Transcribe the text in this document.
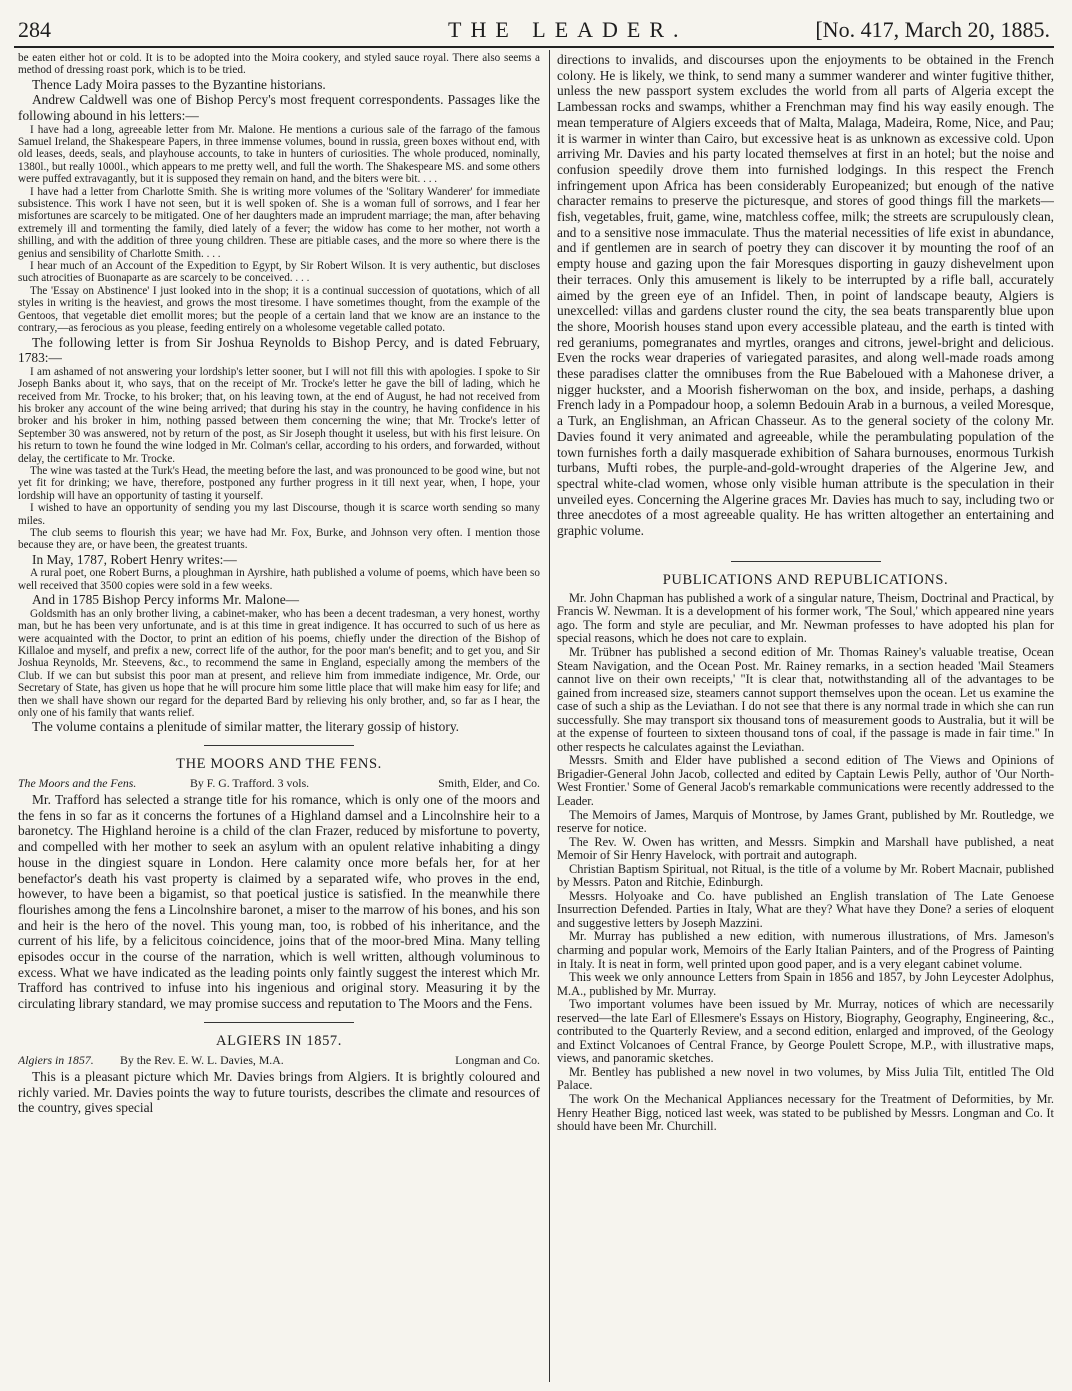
284	THE LEADER.	[No. 417, March 20, 1885.

be eaten either hot or cold. It is to be adopted into the Moira cookery, and styled sauce royal. There also seems a method of dressing roast pork, which is to be tried.

Thence Lady Moira passes to the Byzantine historians.

Andrew Caldwell was one of Bishop Percy's most frequent correspondents. Passages like the following abound in his letters:—

I have had a long, agreeable letter from Mr. Malone. He mentions a curious sale of the farrago of the famous Samuel Ireland, the Shakespeare Papers, in three immense volumes, bound in russia, green boxes without end, with old leases, deeds, seals, and playhouse accounts, to take in hunters of curiosities. The whole produced, nominally, 1380l., but really 1000l., which appears to me pretty well, and full the worth. The Shakespeare MS. and some others were puffed extravagantly, but it is supposed they remain on hand, and the biters were bit. . . .

I have had a letter from Charlotte Smith. She is writing more volumes of the 'Solitary Wanderer' for immediate subsistence. This work I have not seen, but it is well spoken of. She is a woman full of sorrows, and I fear her misfortunes are scarcely to be mitigated. One of her daughters made an imprudent marriage; the man, after behaving extremely ill and tormenting the family, died lately of a fever; the widow has come to her mother, not worth a shilling, and with the addition of three young children. These are pitiable cases, and the more so where there is the genius and sensibility of Charlotte Smith. . . .

I hear much of an Account of the Expedition to Egypt, by Sir Robert Wilson. It is very authentic, but discloses such atrocities of Buonaparte as are scarcely to be conceived. . . .

The 'Essay on Abstinence' I just looked into in the shop; it is a continual succession of quotations, which of all styles in writing is the heaviest, and grows the most tiresome. I have sometimes thought, from the example of the Gentoos, that vegetable diet emollit mores; but the people of a certain land that we know are an instance to the contrary,—as ferocious as you please, feeding entirely on a wholesome vegetable called potato.

The following letter is from Sir Joshua Reynolds to Bishop Percy, and is dated February, 1783:—

I am ashamed of not answering your lordship's letter sooner, but I will not fill this with apologies. I spoke to Sir Joseph Banks about it, who says, that on the receipt of Mr. Trocke's letter he gave the bill of lading, which he received from Mr. Trocke, to his broker; that, on his leaving town, at the end of August, he had not received from his broker any account of the wine being arrived; that during his stay in the country, he having confidence in his broker and his broker in him, nothing passed between them concerning the wine; that Mr. Trocke's letter of September 30 was answered, not by return of the post, as Sir Joseph thought it useless, but with his first leisure. On his return to town he found the wine lodged in Mr. Colman's cellar, according to his orders, and forwarded, without delay, the certificate to Mr. Trocke.

The wine was tasted at the Turk's Head, the meeting before the last, and was pronounced to be good wine, but not yet fit for drinking; we have, therefore, postponed any further progress in it till next year, when, I hope, your lordship will have an opportunity of tasting it yourself.

I wished to have an opportunity of sending you my last Discourse, though it is scarce worth sending so many miles.

The club seems to flourish this year; we have had Mr. Fox, Burke, and Johnson very often. I mention those because they are, or have been, the greatest truants.

In May, 1787, Robert Henry writes:—

A rural poet, one Robert Burns, a ploughman in Ayrshire, hath published a volume of poems, which have been so well received that 3500 copies were sold in a few weeks.

And in 1785 Bishop Percy informs Mr. Malone—

Goldsmith has an only brother living, a cabinet-maker, who has been a decent tradesman, a very honest, worthy man, but he has been very unfortunate, and is at this time in great indigence. It has occurred to such of us here as were acquainted with the Doctor, to print an edition of his poems, chiefly under the direction of the Bishop of Killaloe and myself, and prefix a new, correct life of the author, for the poor man's benefit; and to get you, and Sir Joshua Reynolds, Mr. Steevens, &c., to recommend the same in England, especially among the members of the Club. If we can but subsist this poor man at present, and relieve him from immediate indigence, Mr. Orde, our Secretary of State, has given us hope that he will procure him some little place that will make him easy for life; and then we shall have shown our regard for the departed Bard by relieving his only brother, and, so far as I hear, the only one of his family that wants relief.

The volume contains a plenitude of similar matter, the literary gossip of history.

THE MOORS AND THE FENS.
The Moors and the Fens.	By F. G. Trafford. 3 vols.	Smith, Elder, and Co.

Mr. Trafford has selected a strange title for his romance, which is only one of the moors and the fens in so far as it concerns the fortunes of a Highland damsel and a Lincolnshire heir to a baronetcy. The Highland heroine is a child of the clan Frazer, reduced by misfortune to poverty, and compelled with her mother to seek an asylum with an opulent relative inhabiting a dingy house in the dingiest square in London. Here calamity once more befals her, for at her benefactor's death his vast property is claimed by a separated wife, who proves in the end, however, to have been a bigamist, so that poetical justice is satisfied. In the meanwhile there flourishes among the fens a Lincolnshire baronet, a miser to the marrow of his bones, and his son and heir is the hero of the novel. This young man, too, is robbed of his inheritance, and the current of his life, by a felicitous coincidence, joins that of the moor-bred Mina. Many telling episodes occur in the course of the narration, which is well written, although voluminous to excess. What we have indicated as the leading points only faintly suggest the interest which Mr. Trafford has contrived to infuse into his ingenious and original story. Measuring it by the circulating library standard, we may promise success and reputation to The Moors and the Fens.

ALGIERS IN 1857.
Algiers in 1857. By the Rev. E. W. L. Davies, M.A.	Longman and Co.

This is a pleasant picture which Mr. Davies brings from Algiers. It is brightly coloured and richly varied. Mr. Davies points the way to future tourists, describes the climate and resources of the country, gives special

directions to invalids, and discourses upon the enjoyments to be obtained in the French colony. He is likely, we think, to send many a summer wanderer and winter fugitive thither, unless the new passport system excludes the world from all parts of Algeria except the Lambessan rocks and swamps, whither a Frenchman may find his way easily enough. The mean temperature of Algiers exceeds that of Malta, Malaga, Madeira, Rome, Nice, and Pau; it is warmer in winter than Cairo, but excessive heat is as unknown as excessive cold. Upon arriving Mr. Davies and his party located themselves at first in an hotel; but the noise and confusion speedily drove them into furnished lodgings. In this respect the French infringement upon Africa has been considerably Europeanized; but enough of the native character remains to preserve the picturesque, and stores of good things fill the markets—fish, vegetables, fruit, game, wine, matchless coffee, milk; the streets are scrupulously clean, and to a sensitive nose immaculate. Thus the material necessities of life exist in abundance, and if gentlemen are in search of poetry they can discover it by mounting the roof of an empty house and gazing upon the fair Moresques disporting in gauzy dishevelment upon their terraces. Only this amusement is likely to be interrupted by a rifle ball, accurately aimed by the green eye of an Infidel. Then, in point of landscape beauty, Algiers is unexcelled: villas and gardens cluster round the city, the sea beats transparently blue upon the shore, Moorish houses stand upon every accessible plateau, and the earth is tinted with red geraniums, pomegranates and myrtles, oranges and citrons, jewel-bright and delicious. Even the rocks wear draperies of variegated parasites, and along well-made roads among these paradises clatter the omnibuses from the Rue Babeloued with a Mahonese driver, a nigger huckster, and a Moorish fisherwoman on the box, and inside, perhaps, a dashing French lady in a Pompadour hoop, a solemn Bedouin Arab in a burnous, a veiled Moresque, a Turk, an Englishman, an African Chasseur. As to the general society of the colony Mr. Davies found it very animated and agreeable, while the perambulating population of the town furnishes forth a daily masquerade exhibition of Sahara burnouses, enormous Turkish turbans, Mufti robes, the purple-and-gold-wrought draperies of the Algerine Jew, and spectral white-clad women, whose only visible human attribute is the speculation in their unveiled eyes. Concerning the Algerine graces Mr. Davies has much to say, including two or three anecdotes of a most agreeable quality. He has written altogether an entertaining and graphic volume.

PUBLICATIONS AND REPUBLICATIONS.

Mr. John Chapman has published a work of a singular nature, Theism, Doctrinal and Practical, by Francis W. Newman. It is a development of his former work, 'The Soul,' which appeared nine years ago. The form and style are peculiar, and Mr. Newman professes to have adopted his plan for special reasons, which he does not care to explain.

Mr. Trübner has published a second edition of Mr. Thomas Rainey's valuable treatise, Ocean Steam Navigation, and the Ocean Post. Mr. Rainey remarks, in a section headed 'Mail Steamers cannot live on their own receipts,' "It is clear that, notwithstanding all of the advantages to be gained from increased size, steamers cannot support themselves upon the ocean. Let us examine the case of such a ship as the Leviathan. I do not see that there is any normal trade in which she can run successfully. She may transport six thousand tons of measurement goods to Australia, but it will be at the expense of fourteen to sixteen thousand tons of coal, if the passage is made in fair time." In other respects he calculates against the Leviathan.

Messrs. Smith and Elder have published a second edition of The Views and Opinions of Brigadier-General John Jacob, collected and edited by Captain Lewis Pelly, author of 'Our North-West Frontier.' Some of General Jacob's remarkable communications were recently addressed to the Leader.

The Memoirs of James, Marquis of Montrose, by James Grant, published by Mr. Routledge, we reserve for notice.

The Rev. W. Owen has written, and Messrs. Simpkin and Marshall have published, a neat Memoir of Sir Henry Havelock, with portrait and autograph.

Christian Baptism Spiritual, not Ritual, is the title of a volume by Mr. Robert Macnair, published by Messrs. Paton and Ritchie, Edinburgh.

Messrs. Holyoake and Co. have published an English translation of The Late Genoese Insurrection Defended. Parties in Italy, What are they? What have they Done? a series of eloquent and suggestive letters by Joseph Mazzini.

Mr. Murray has published a new edition, with numerous illustrations, of Mrs. Jameson's charming and popular work, Memoirs of the Early Italian Painters, and of the Progress of Painting in Italy. It is neat in form, well printed upon good paper, and is a very elegant cabinet volume.

This week we only announce Letters from Spain in 1856 and 1857, by John Leycester Adolphus, M.A., published by Mr. Murray.

Two important volumes have been issued by Mr. Murray, notices of which are necessarily reserved—the late Earl of Ellesmere's Essays on History, Biography, Geography, Engineering, &c., contributed to the Quarterly Review, and a second edition, enlarged and improved, of the Geology and Extinct Volcanoes of Central France, by George Poulett Scrope, M.P., with illustrative maps, views, and panoramic sketches.

Mr. Bentley has published a new novel in two volumes, by Miss Julia Tilt, entitled The Old Palace.

The work On the Mechanical Appliances necessary for the Treatment of Deformities, by Mr. Henry Heather Bigg, noticed last week, was stated to be published by Messrs. Longman and Co. It should have been Mr. Churchill.
